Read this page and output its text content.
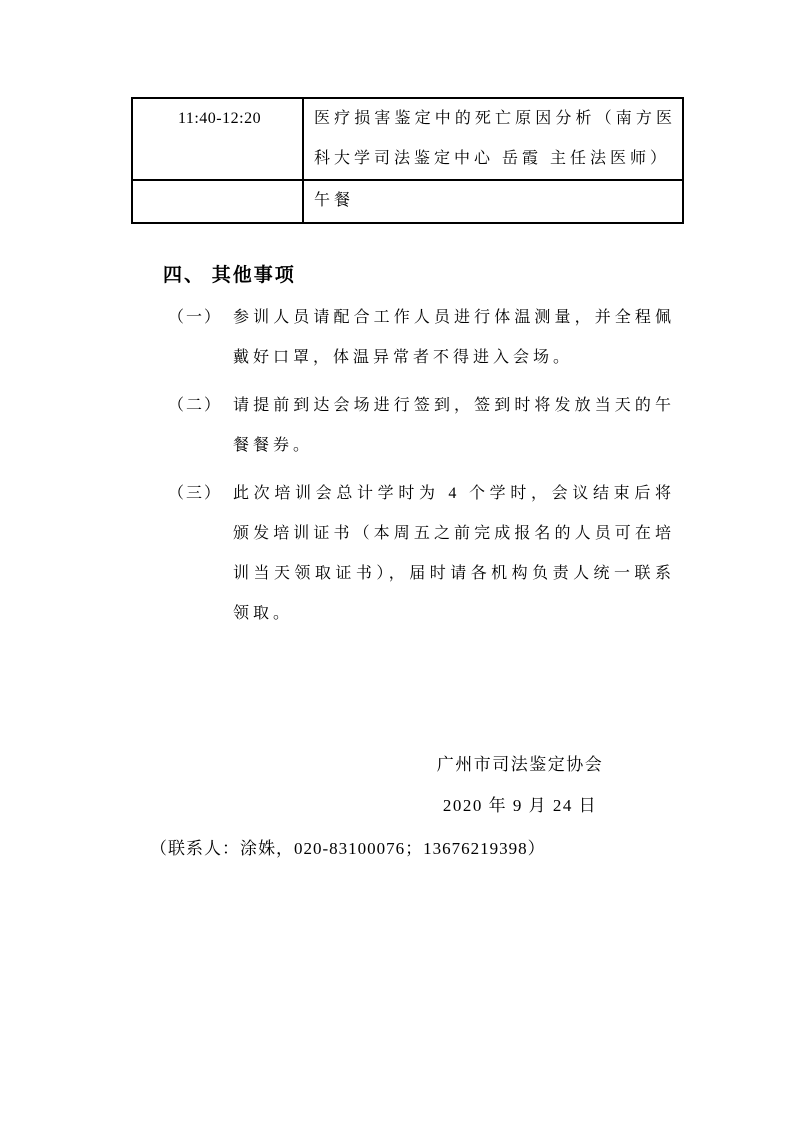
11:40-12:20	医疗损害鉴定中的死亡原因分析（南方医科大学司法鉴定中心 岳霞 主任法医师）
	午餐
四、 其他事项
（一） 参训人员请配合工作人员进行体温测量，并全程佩戴好口罩，体温异常者不得进入会场。
（二） 请提前到达会场进行签到，签到时将发放当天的午餐餐券。
（三） 此次培训会总计学时为 4 个学时，会议结束后将颁发培训证书（本周五之前完成报名的人员可在培训当天领取证书），届时请各机构负责人统一联系领取。
广州市司法鉴定协会
2020 年 9 月 24 日
（联系人：涂姝，020-83100076；13676219398）
